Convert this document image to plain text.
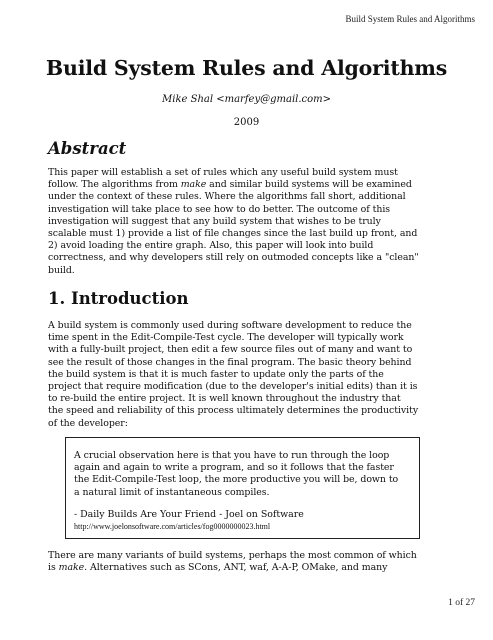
Build System Rules and Algorithms
Build System Rules and Algorithms
Mike Shal <marfey@gmail.com>
2009
Abstract
This paper will establish a set of rules which any useful build system must
follow. The algorithms from make and similar build systems will be examined
under the context of these rules. Where the algorithms fall short, additional
investigation will take place to see how to do better. The outcome of this
investigation will suggest that any build system that wishes to be truly
scalable must 1) provide a list of file changes since the last build up front, and
2) avoid loading the entire graph. Also, this paper will look into build
correctness, and why developers still rely on outmoded concepts like a "clean"
build.
1. Introduction
A build system is commonly used during software development to reduce the
time spent in the Edit-Compile-Test cycle. The developer will typically work
with a fully-built project, then edit a few source files out of many and want to
see the result of those changes in the final program. The basic theory behind
the build system is that it is much faster to update only the parts of the
project that require modification (due to the developer's initial edits) than it is
to re-build the entire project. It is well known throughout the industry that
the speed and reliability of this process ultimately determines the productivity
of the developer:
A crucial observation here is that you have to run through the loop
again and again to write a program, and so it follows that the faster
the Edit-Compile-Test loop, the more productive you will be, down to
a natural limit of instantaneous compiles.
- Daily Builds Are Your Friend - Joel on Software
http://www.joelonsoftware.com/articles/fog0000000023.html
There are many variants of build systems, perhaps the most common of which
is make. Alternatives such as SCons, ANT, waf, A-A-P, OMake, and many
1 of 27
